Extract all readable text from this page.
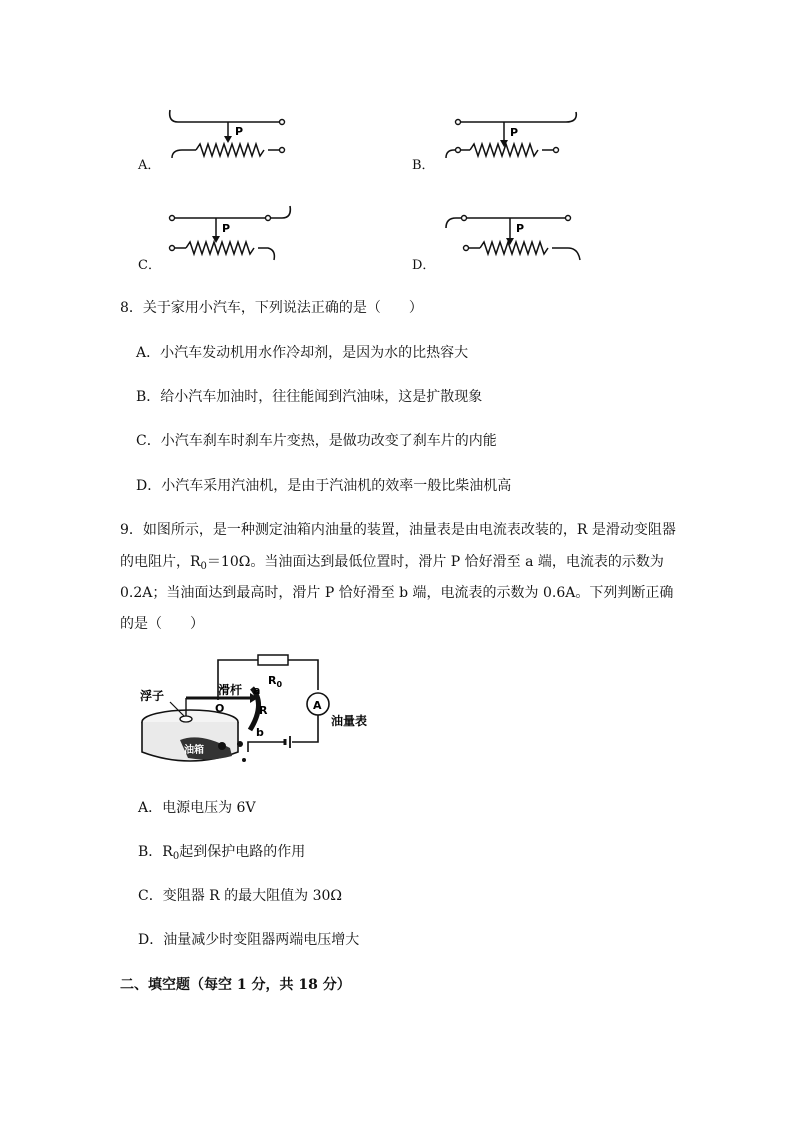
A．
P
B．
P
C．
P
D．
P
8．关于家用小汽车，下列说法正确的是（　　）
A．小汽车发动机用水作冷却剂，是因为水的比热容大
B．给小汽车加油时，往往能闻到汽油味，这是扩散现象
C．小汽车刹车时刹车片变热，是做功改变了刹车片的内能
D．小汽车采用汽油机，是由于汽油机的效率一般比柴油机高
9．如图所示，是一种测定油箱内油量的装置，油量表是由电流表改装的，R 是滑动变阻器
的电阻片，$R_0=10\Omega$。当油面达到最低位置时，滑片 P 恰好滑至 a 端，电流表的示数为
0.2A；当油面达到最高时，滑片 P 恰好滑至 b 端，电流表的示数为 0.6A。下列判断正确
的是（　　）
A
$R_0$
油量表
油箱
浮子	滑杆 a
O	R
b
A．电源电压为 6V
B．$R_0$起到保护电路的作用
C．变阻器 R 的最大阻值为 30Ω
D．油量减少时变阻器两端电压增大
二、填空题（每空 1 分，共 18 分）
